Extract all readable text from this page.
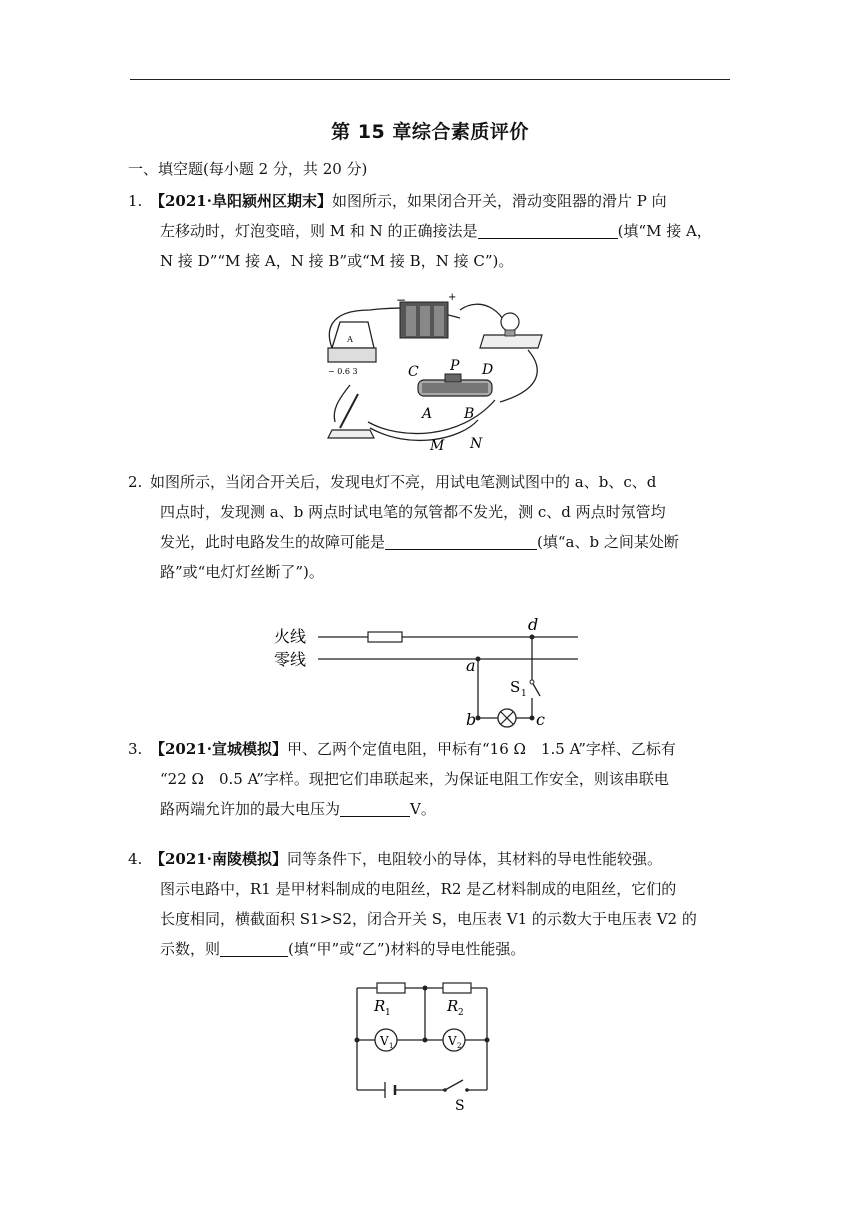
第 15 章综合素质评价
一、填空题(每小题 2 分，共 20 分)
1. 【2021·阜阳颍州区期末】如图所示，如果闭合开关，滑动变阻器的滑片 P 向
左移动时，灯泡变暗，则 M 和 N 的正确接法是	(填“M 接 A，
N 接 D”“M 接 A，N 接 B”或“M 接 B，N 接 C”)。
A
− 0.6 3
−	+
C P D
A B
M N
2. 如图所示，当闭合开关后，发现电灯不亮，用试电笔测试图中的 a、b、c、d
四点时，发现测 a、b 两点时试电笔的氖管都不发光，测 c、d 两点时氖管均
发光，此时电路发生的故障可能是	(填“a、b 之间某处断
路”或“电灯灯丝断了”)。
火线
零线
d
a
b	c
S 1
3. 【2021·宣城模拟】甲、乙两个定值电阻，甲标有“16 Ω　1.5 A”字样、乙标有
“22 Ω　0.5 A”字样。现把它们串联起来，为保证电阻工作安全，则该串联电
路两端允许加的最大电压为	V。
4. 【2021·南陵模拟】同等条件下，电阻较小的导体，其材料的导电性能较强。
图示电路中，R1 是甲材料制成的电阻丝，R2 是乙材料制成的电阻丝，它们的
长度相同，横截面积 S1>S2，闭合开关 S，电压表 V1 的示数大于电压表 V2 的
示数，则	(填“甲”或“乙”)材料的导电性能强。
R 1	R 2
V 1	V 2
S
